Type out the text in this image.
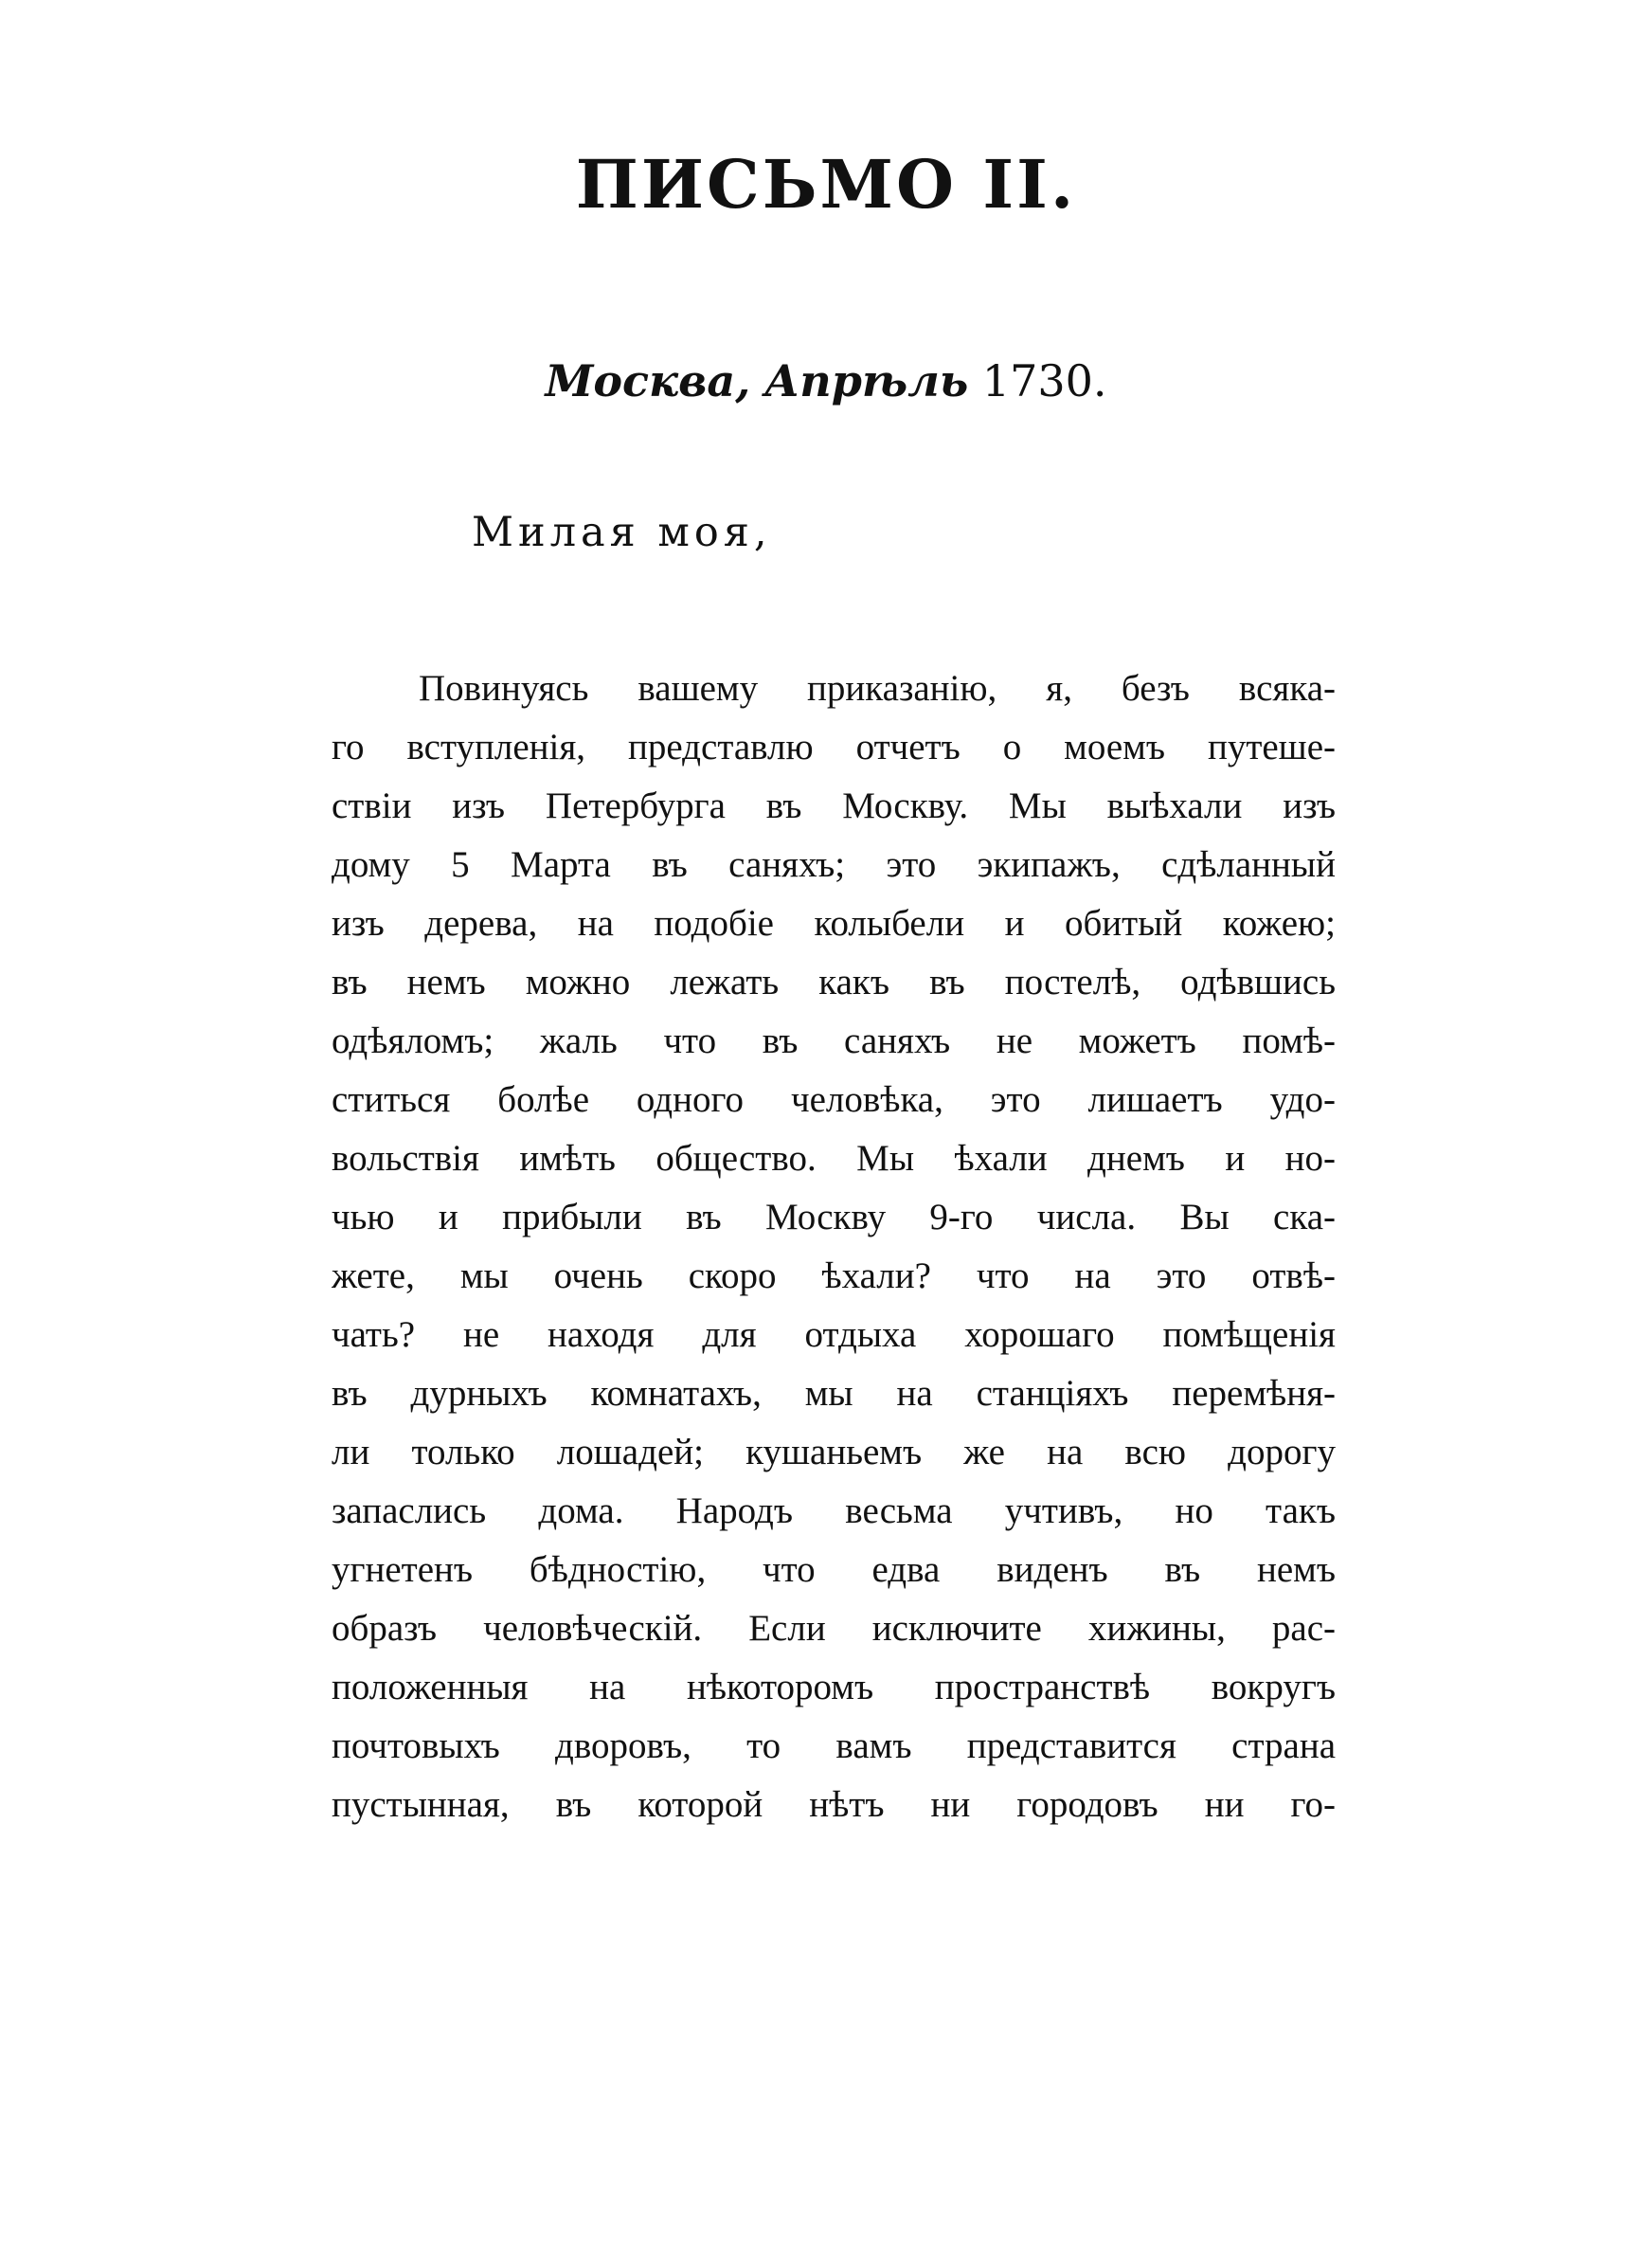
ПИСЬМО II.
Москва, Апрѣль 1730.
Милая моя,
Повинуясь вашему приказанію, я, безъ всяка-
го вступленія, представлю отчетъ о моемъ путеше-
ствіи изъ Петербурга въ Москву. Мы выѣхали изъ
дому 5 Марта въ саняхъ; это экипажъ, сдѣланный
изъ дерева, на подобіе колыбели и обитый кожею;
въ немъ можно лежать какъ въ постелѣ, одѣвшись
одѣяломъ; жаль что въ саняхъ не можетъ помѣ-
ститься болѣе одного человѣка, это лишаетъ удо-
вольствія имѣть общество. Мы ѣхали днемъ и но-
чью и прибыли въ Москву 9-го числа. Вы ска-
жете, мы очень скоро ѣхали? что на это отвѣ-
чать? не находя для отдыха хорошаго помѣщенія
въ дурныхъ комнатахъ, мы на станціяхъ перемѣня-
ли только лошадей; кушаньемъ же на всю дорогу
запаслись дома. Народъ весьма учтивъ, но такъ
угнетенъ бѣдностію, что едва виденъ въ немъ
образъ человѣческій. Если исключите хижины, рас-
положенныя на нѣкоторомъ пространствѣ вокругъ
почтовыхъ дворовъ, то вамъ представится страна
пустынная, въ которой нѣтъ ни городовъ ни го-
